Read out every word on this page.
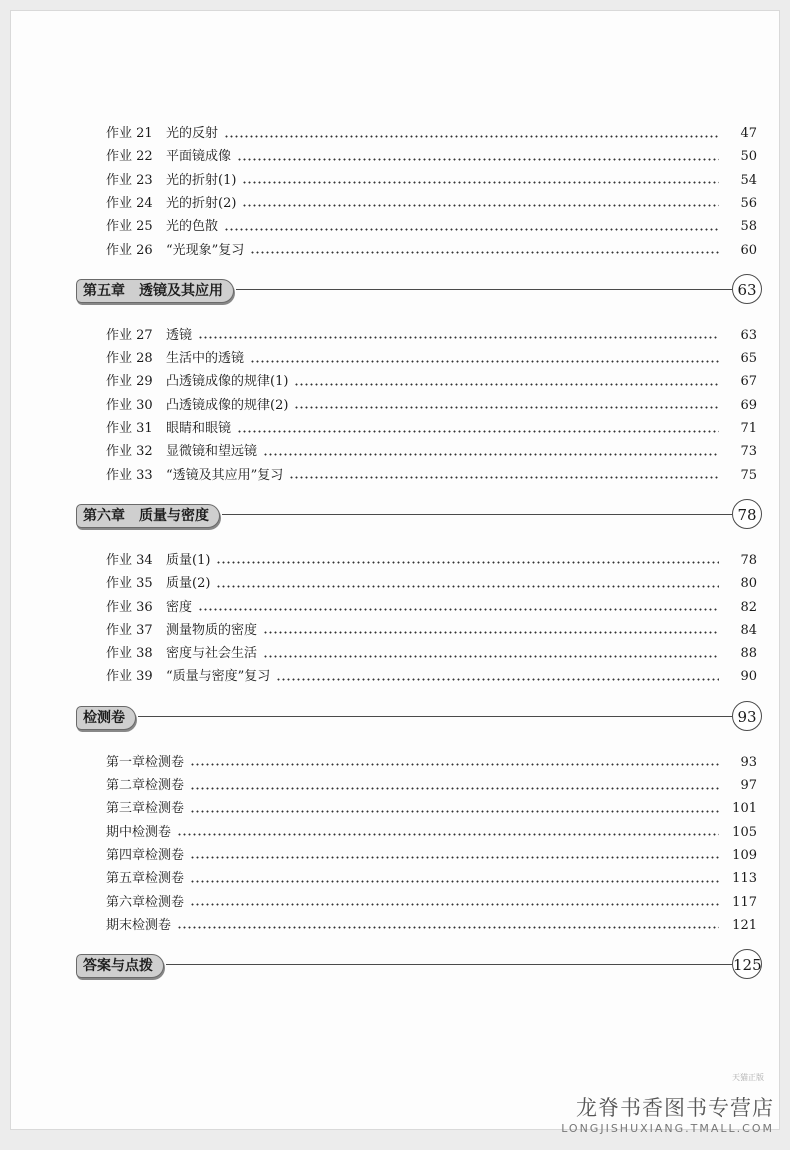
作业 21	光的反射	47
作业 22	平面镜成像	50
作业 23	光的折射(1)	54
作业 24	光的折射(2)	56
作业 25	光的色散	58
作业 26	“光现象”复习	60
第五章　透镜及其应用	63
作业 27	透镜	63
作业 28	生活中的透镜	65
作业 29	凸透镜成像的规律(1)	67
作业 30	凸透镜成像的规律(2)	69
作业 31	眼睛和眼镜	71
作业 32	显微镜和望远镜	73
作业 33	“透镜及其应用”复习	75
第六章　质量与密度	78
作业 34	质量(1)	78
作业 35	质量(2)	80
作业 36	密度	82
作业 37	测量物质的密度	84
作业 38	密度与社会生活	88
作业 39	“质量与密度”复习	90
检测卷	93
第一章检测卷	93
第二章检测卷	97
第三章检测卷	101
期中检测卷	105
第四章检测卷	109
第五章检测卷	113
第六章检测卷	117
期末检测卷	121
答案与点拨	125
天猫正版
龙脊书香图书专营店
LONGJISHUXIANG.TMALL.COM
